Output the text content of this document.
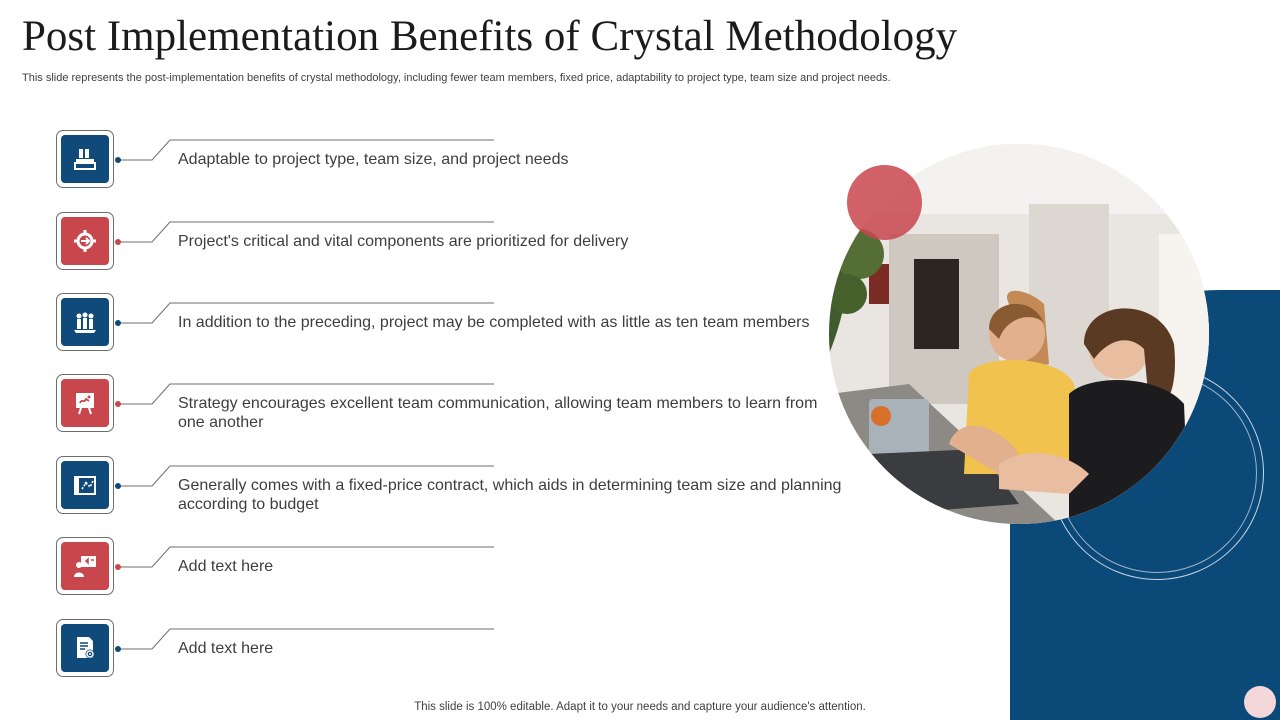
Post Implementation Benefits of Crystal Methodology
This slide represents the post-implementation benefits of crystal methodology, including fewer team members, fixed price, adaptability to project type, team size and project needs.
Adaptable to project type, team size, and project needs
Project's critical and vital components are prioritized for delivery
In addition to the preceding, project may be completed with as little as ten team members
Strategy encourages excellent team communication, allowing team members to learn from one another
Generally comes with a fixed-price contract, which aids in determining team size and planning according to budget
Add text here
Add text here
This slide is 100% editable. Adapt it to your needs and capture your audience's attention.
